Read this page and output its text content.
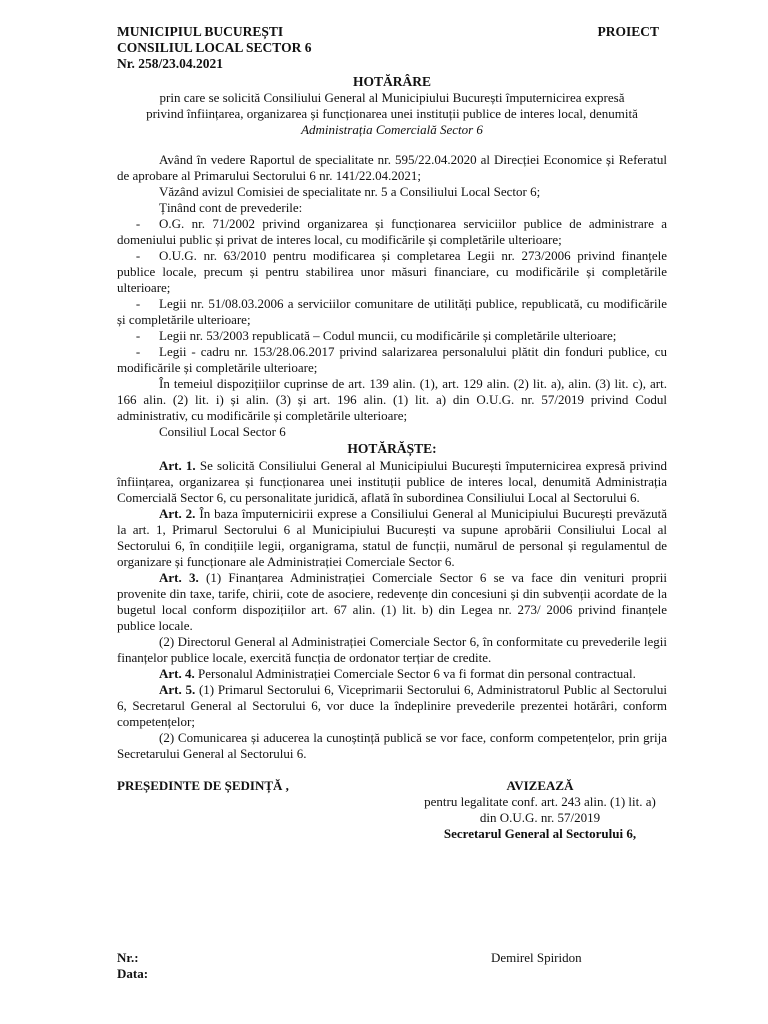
MUNICIPIUL BUCUREȘTI
CONSILIUL LOCAL SECTOR 6
Nr. 258/23.04.2021
PROIECT
HOTĂRÂRE
prin care se solicită Consiliului General al Municipiului București împuternicirea expresă
privind înființarea, organizarea și funcționarea unei instituții publice de interes local, denumită
Administrația Comercială Sector 6

Având în vedere Raportul de specialitate nr. 595/22.04.2020 al Direcției Economice și Referatul de aprobare al Primarului Sectorului 6 nr. 141/22.04.2021;

Văzând avizul Comisiei de specialitate nr. 5 a Consiliului Local Sector 6;

Ținând cont de prevederile:

- O.G. nr. 71/2002 privind organizarea și funcționarea serviciilor publice de administrare a domeniului public și privat de interes local, cu modificările și completările ulterioare;

- O.U.G. nr. 63/2010 pentru modificarea și completarea Legii nr. 273/2006 privind finanțele publice locale, precum și pentru stabilirea unor măsuri financiare, cu modificările și completările ulterioare;

- Legii nr. 51/08.03.2006 a serviciilor comunitare de utilități publice, republicată, cu modificările și completările ulterioare;

- Legii nr. 53/2003 republicată – Codul muncii, cu modificările și completările ulterioare;

- Legii - cadru nr. 153/28.06.2017 privind salarizarea personalului plătit din fonduri publice, cu modificările și completările ulterioare;

În temeiul dispozițiilor cuprinse de art. 139 alin. (1), art. 129 alin. (2) lit. a), alin. (3) lit. c), art. 166 alin. (2) lit. i) și alin. (3) și art. 196 alin. (1) lit. a) din O.U.G. nr. 57/2019 privind Codul administrativ, cu modificările și completările ulterioare;

Consiliul Local Sector 6

HOTĂRĂȘTE:

Art. 1. Se solicită Consiliului General al Municipiului București împuternicirea expresă privind înființarea, organizarea și funcționarea unei instituții publice de interes local, denumită Administrația Comercială Sector 6, cu personalitate juridică, aflată în subordinea Consiliului Local al Sectorului 6.

Art. 2. În baza împuternicirii exprese a Consiliului General al Municipiului București prevăzută la art. 1, Primarul Sectorului 6 al Municipiului București va supune aprobării Consiliului Local al Sectorului 6, în condițiile legii, organigrama, statul de funcții, numărul de personal și regulamentul de organizare și funcționare ale Administrației Comerciale Sector 6.

Art. 3. (1) Finanțarea Administrației Comerciale Sector 6 se va face din venituri proprii provenite din taxe, tarife, chirii, cote de asociere, redevențe din concesiuni și din subvenții acordate de la bugetul local conform dispozițiilor art. 67 alin. (1) lit. b) din Legea nr. 273/ 2006 privind finanțele publice locale.

(2) Directorul General al Administrației Comerciale Sector 6, în conformitate cu prevederile legii finanțelor publice locale, exercită funcția de ordonator terțiar de credite.

Art. 4. Personalul Administrației Comerciale Sector 6 va fi format din personal contractual.

Art. 5. (1) Primarul Sectorului 6, Viceprimarii Sectorului 6, Administratorul Public al Sectorului 6, Secretarul General al Sectorului 6, vor duce la îndeplinire prevederile prezentei hotărâri, conform competențelor;

(2) Comunicarea și aducerea la cunoștință publică se vor face, conform competențelor, prin grija Secretarului General al Sectorului 6.

PREȘEDINTE DE ȘEDINȚĂ ,	AVIZEAZĂ
pentru legalitate conf. art. 243 alin. (1) lit. a)
din O.U.G. nr. 57/2019
Secretarul General al Sectorului 6,
Nr.:
Data:
Demirel Spiridon
